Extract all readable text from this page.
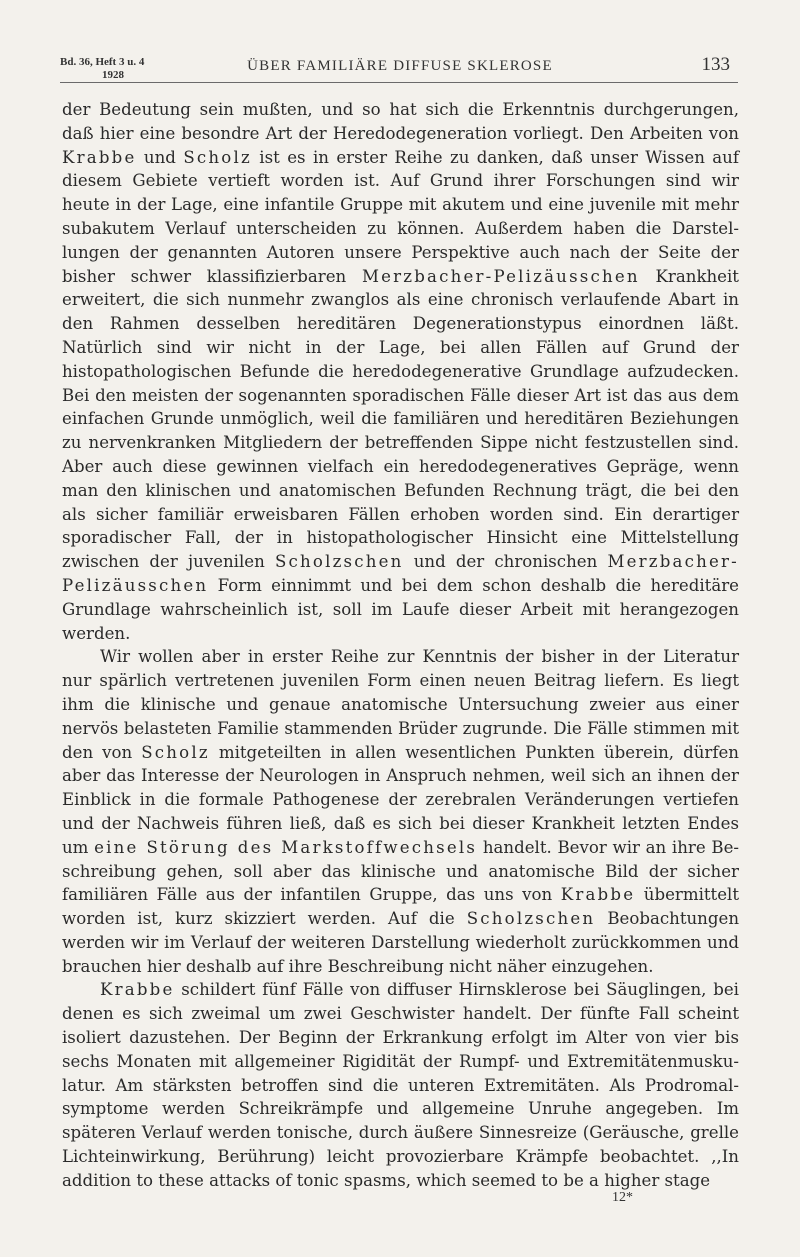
Bd. 36, Heft 3 u. 4
1928
ÜBER FAMILIÄRE DIFFUSE SKLEROSE	133

der Bedeutung sein mußten, und so hat sich die Erkenntnis durchgerungen, daß hier eine besondre Art der Heredodegeneration vorliegt. Den Arbeiten von Krabbe und Scholz ist es in erster Reihe zu danken, daß unser Wissen auf diesem Gebiete vertieft worden ist. Auf Grund ihrer Forschungen sind wir heute in der Lage, eine infantile Gruppe mit akutem und eine juvenile mit mehr subakutem Verlauf unterscheiden zu können. Außerdem haben die Darstellungen der genannten Autoren unsere Perspektive auch nach der Seite der bisher schwer klassifizierbaren Merzbacher-Pelizäusschen Krankheit erweitert, die sich nunmehr zwanglos als eine chronisch verlaufende Abart in den Rahmen desselben hereditären Degenerationstypus einordnen läßt. Natürlich sind wir nicht in der Lage, bei allen Fällen auf Grund der histopathologischen Befunde die heredodegenerative Grundlage aufzudecken. Bei den meisten der sogenannten sporadischen Fälle dieser Art ist das aus dem einfachen Grunde unmöglich, weil die familiären und hereditären Beziehungen zu nervenkranken Mitgliedern der betreffenden Sippe nicht festzustellen sind. Aber auch diese gewinnen vielfach ein heredodegeneratives Gepräge, wenn man den klinischen und anatomischen Befunden Rechnung trägt, die bei den als sicher familiär erweisbaren Fällen erhoben worden sind. Ein derartiger sporadischer Fall, der in histopathologischer Hinsicht eine Mittelstellung zwischen der juvenilen Scholzschen und der chronischen Merzbacher-Pelizäusschen Form einnimmt und bei dem schon deshalb die hereditäre Grundlage wahrscheinlich ist, soll im Laufe dieser Arbeit mit herangezogen werden.

Wir wollen aber in erster Reihe zur Kenntnis der bisher in der Literatur nur spärlich vertretenen juvenilen Form einen neuen Beitrag liefern. Es liegt ihm die klinische und genaue anatomische Untersuchung zweier aus einer nervös belasteten Familie stammenden Brüder zugrunde. Die Fälle stimmen mit den von Scholz mitgeteilten in allen wesentlichen Punkten überein, dürfen aber das Interesse der Neurologen in Anspruch nehmen, weil sich an ihnen der Einblick in die formale Pathogenese der zerebralen Veränderungen vertiefen und der Nachweis führen ließ, daß es sich bei dieser Krankheit letzten Endes um eine Störung des Markstoffwechsels handelt. Bevor wir an ihre Beschreibung gehen, soll aber das klinische und anatomische Bild der sicher familiären Fälle aus der infantilen Gruppe, das uns von Krabbe übermittelt worden ist, kurz skizziert werden. Auf die Scholzschen Beobachtungen werden wir im Verlauf der weiteren Darstellung wiederholt zurückkommen und brauchen hier deshalb auf ihre Beschreibung nicht näher einzugehen.

Krabbe schildert fünf Fälle von diffuser Hirnsklerose bei Säuglingen, bei denen es sich zweimal um zwei Geschwister handelt. Der fünfte Fall scheint isoliert dazustehen. Der Beginn der Erkrankung erfolgt im Alter von vier bis sechs Monaten mit allgemeiner Rigidität der Rumpf- und Extremitätenmuskulatur. Am stärksten betroffen sind die unteren Extremitäten. Als Prodromalsymptome werden Schreikrämpfe und allgemeine Unruhe angegeben. Im späteren Verlauf werden tonische, durch äußere Sinnesreize (Geräusche, grelle Lichteinwirkung, Berührung) leicht provozierbare Krämpfe beobachtet. ,,In addition to these attacks of tonic spasms, which seemed to be a higher stage

12*
